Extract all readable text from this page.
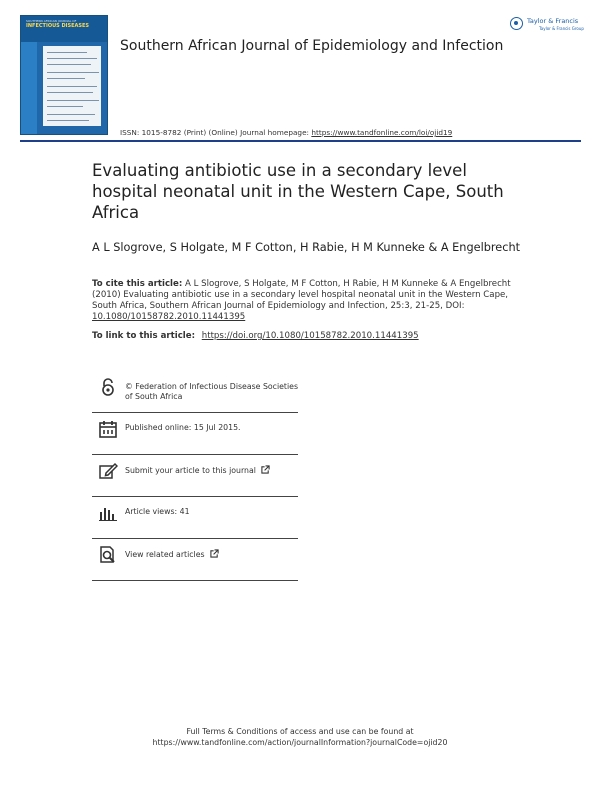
SOUTHERN AFRICAN JOURNAL OF
INFECTIOUS DISEASES
Southern African Journal of Epidemiology and Infection
Taylor & Francis
Taylor & Francis Group
ISSN: 1015-8782 (Print) (Online) Journal homepage: https://www.tandfonline.com/loi/ojid19
Evaluating antibiotic use in a secondary level hospital neonatal unit in the Western Cape, South Africa
A L Slogrove, S Holgate, M F Cotton, H Rabie, H M Kunneke & A Engelbrecht
To cite this article: A L Slogrove, S Holgate, M F Cotton, H Rabie, H M Kunneke & A Engelbrecht (2010) Evaluating antibiotic use in a secondary level hospital neonatal unit in the Western Cape, South Africa, Southern African Journal of Epidemiology and Infection, 25:3, 21-25, DOI: 10.1080/10158782.2010.11441395
To link to this article: https://doi.org/10.1080/10158782.2010.11441395
© Federation of Infectious Disease Societies of South Africa
Published online: 15 Jul 2015.
Submit your article to this journal
Article views: 41
View related articles
Full Terms & Conditions of access and use can be found at
https://www.tandfonline.com/action/journalInformation?journalCode=ojid20
